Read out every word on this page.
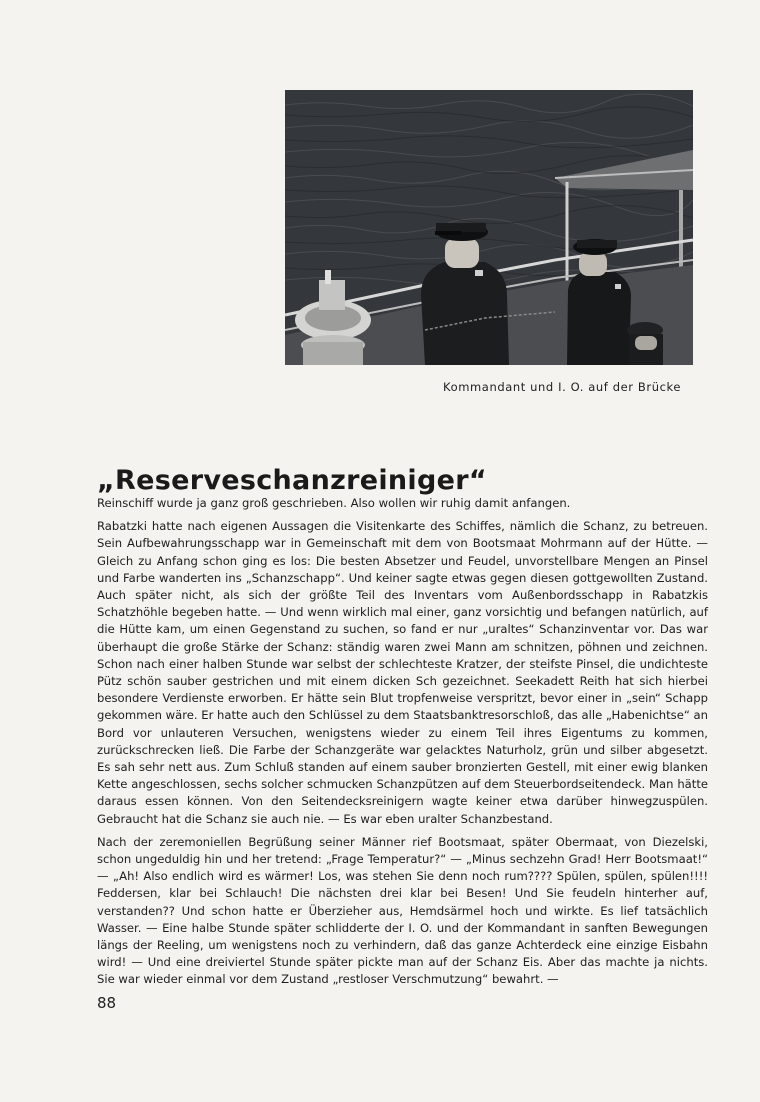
Kommandant und I. O. auf der Brücke
„Reserveschanzreiniger“

Reinschiff wurde ja ganz groß geschrieben. Also wollen wir ruhig damit anfangen.

Rabatzki hatte nach eigenen Aussagen die Visitenkarte des Schiffes, nämlich die Schanz, zu betreuen. Sein Aufbewahrungsschapp war in Gemeinschaft mit dem von Bootsmaat Mohrmann auf der Hütte. — Gleich zu Anfang schon ging es los: Die besten Absetzer und Feudel, unvorstellbare Mengen an Pinsel und Farbe wanderten ins „Schanzschapp“. Und keiner sagte etwas gegen diesen gottgewollten Zustand. Auch später nicht, als sich der größte Teil des Inventars vom Außenbordsschapp in Rabatzkis Schatzhöhle begeben hatte. — Und wenn wirklich mal einer, ganz vorsichtig und befangen natürlich, auf die Hütte kam, um einen Gegenstand zu suchen, so fand er nur „uraltes“ Schanzinventar vor. Das war überhaupt die große Stärke der Schanz: ständig waren zwei Mann am schnitzen, pöhnen und zeichnen. Schon nach einer halben Stunde war selbst der schlechteste Kratzer, der steifste Pinsel, die undichteste Pütz schön sauber gestrichen und mit einem dicken Sch gezeichnet. Seekadett Reith hat sich hierbei besondere Verdienste erworben. Er hätte sein Blut tropfenweise verspritzt, bevor einer in „sein“ Schapp gekommen wäre. Er hatte auch den Schlüssel zu dem Staatsbanktresorschloß, das alle „Habenichtse“ an Bord vor unlauteren Versuchen, wenigstens wieder zu einem Teil ihres Eigentums zu kommen, zurückschrecken ließ. Die Farbe der Schanzgeräte war gelacktes Naturholz, grün und silber abgesetzt. Es sah sehr nett aus. Zum Schluß standen auf einem sauber bronzierten Gestell, mit einer ewig blanken Kette angeschlossen, sechs solcher schmucken Schanzpützen auf dem Steuerbordseitendeck. Man hätte daraus essen können. Von den Seitendecksreinigern wagte keiner etwa darüber hinwegzuspülen. Gebraucht hat die Schanz sie auch nie. — Es war eben uralter Schanzbestand.

Nach der zeremoniellen Begrüßung seiner Männer rief Bootsmaat, später Obermaat, von Diezelski, schon ungeduldig hin und her tretend: „Frage Temperatur?“ — „Minus sechzehn Grad! Herr Bootsmaat!“ — „Ah! Also endlich wird es wärmer! Los, was stehen Sie denn noch rum???? Spülen, spülen, spülen!!!! Feddersen, klar bei Schlauch! Die nächsten drei klar bei Besen! Und Sie feudeln hinterher auf, verstanden?? Und schon hatte er Überzieher aus, Hemdsärmel hoch und wirkte. Es lief tatsächlich Wasser. — Eine halbe Stunde später schlidderte der I. O. und der Kommandant in sanften Bewegungen längs der Reeling, um wenigstens noch zu verhindern, daß das ganze Achterdeck eine einzige Eisbahn wird! — Und eine dreiviertel Stunde später pickte man auf der Schanz Eis. Aber das machte ja nichts. Sie war wieder einmal vor dem Zustand „restloser Verschmutzung“ bewahrt. —

88
